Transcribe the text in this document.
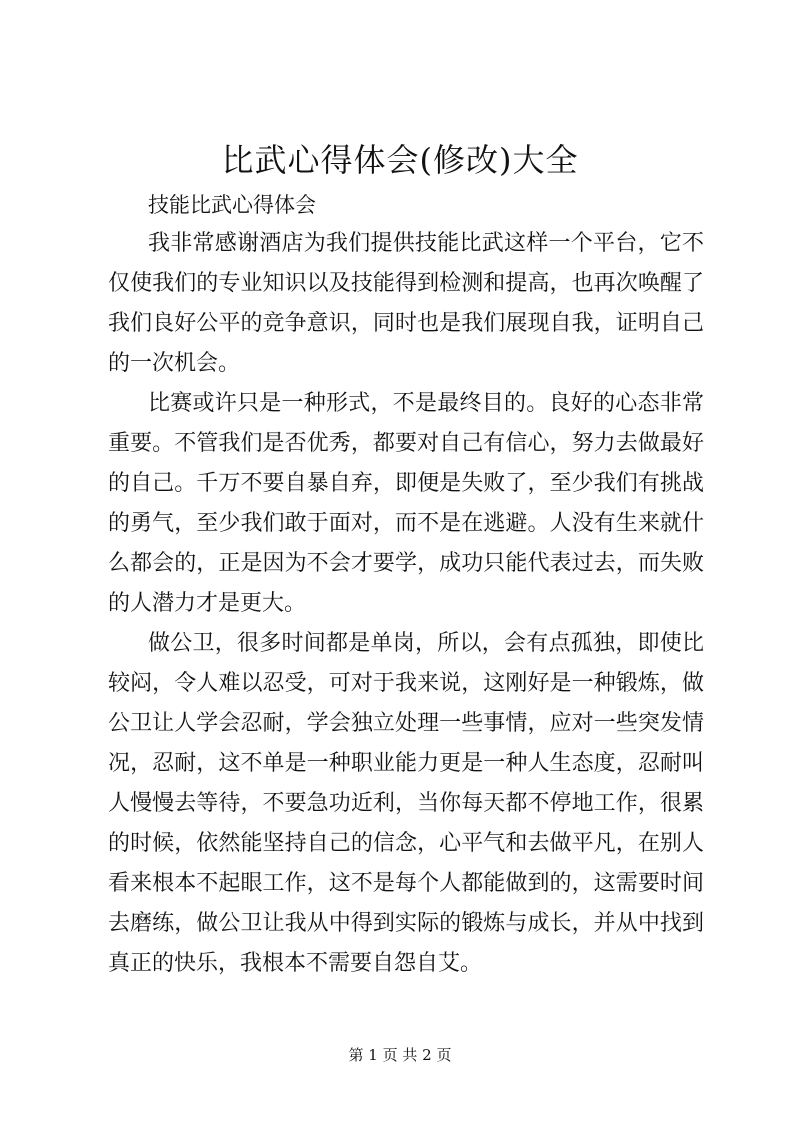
比武心得体会(修改)大全

技能比武心得体会

我非常感谢酒店为我们提供技能比武这样一个平台，它不仅使我们的专业知识以及技能得到检测和提高，也再次唤醒了我们良好公平的竞争意识，同时也是我们展现自我，证明自己的一次机会。

比赛或许只是一种形式，不是最终目的。良好的心态非常重要。不管我们是否优秀，都要对自己有信心，努力去做最好的自己。千万不要自暴自弃，即便是失败了，至少我们有挑战的勇气，至少我们敢于面对，而不是在逃避。人没有生来就什么都会的，正是因为不会才要学，成功只能代表过去，而失败的人潜力才是更大。

做公卫，很多时间都是单岗，所以，会有点孤独，即使比较闷，令人难以忍受，可对于我来说，这刚好是一种锻炼，做公卫让人学会忍耐，学会独立处理一些事情，应对一些突发情况，忍耐，这不单是一种职业能力更是一种人生态度，忍耐叫人慢慢去等待，不要急功近利，当你每天都不停地工作，很累的时候，依然能坚持自己的信念，心平气和去做平凡，在别人看来根本不起眼工作，这不是每个人都能做到的，这需要时间去磨练，做公卫让我从中得到实际的锻炼与成长，并从中找到真正的快乐，我根本不需要自怨自艾。

第 1 页 共 2 页
